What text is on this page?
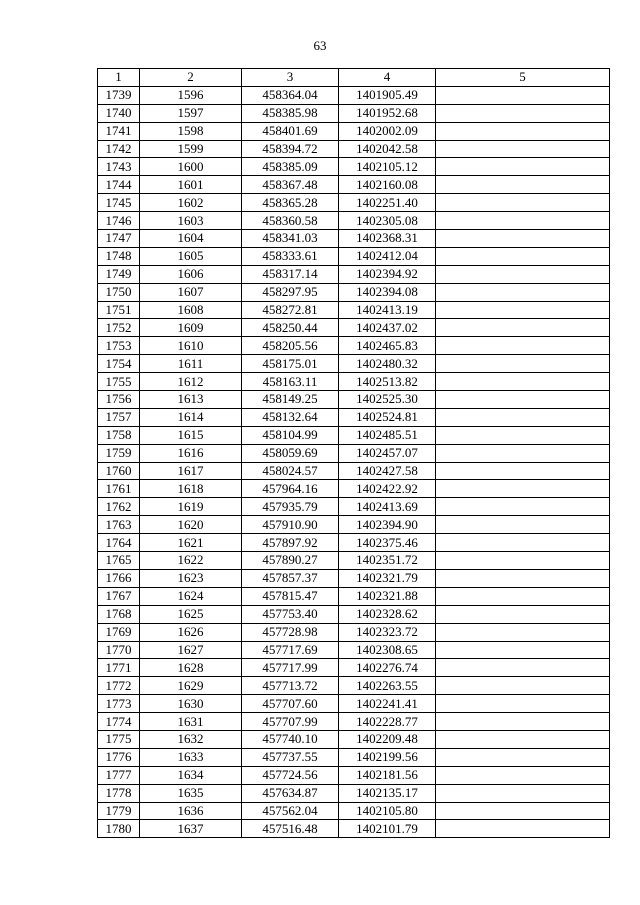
63
1	2	3	4	5
1739	1596	458364.04	1401905.49	
1740	1597	458385.98	1401952.68	
1741	1598	458401.69	1402002.09	
1742	1599	458394.72	1402042.58	
1743	1600	458385.09	1402105.12	
1744	1601	458367.48	1402160.08	
1745	1602	458365.28	1402251.40	
1746	1603	458360.58	1402305.08	
1747	1604	458341.03	1402368.31	
1748	1605	458333.61	1402412.04	
1749	1606	458317.14	1402394.92	
1750	1607	458297.95	1402394.08	
1751	1608	458272.81	1402413.19	
1752	1609	458250.44	1402437.02	
1753	1610	458205.56	1402465.83	
1754	1611	458175.01	1402480.32	
1755	1612	458163.11	1402513.82	
1756	1613	458149.25	1402525.30	
1757	1614	458132.64	1402524.81	
1758	1615	458104.99	1402485.51	
1759	1616	458059.69	1402457.07	
1760	1617	458024.57	1402427.58	
1761	1618	457964.16	1402422.92	
1762	1619	457935.79	1402413.69	
1763	1620	457910.90	1402394.90	
1764	1621	457897.92	1402375.46	
1765	1622	457890.27	1402351.72	
1766	1623	457857.37	1402321.79	
1767	1624	457815.47	1402321.88	
1768	1625	457753.40	1402328.62	
1769	1626	457728.98	1402323.72	
1770	1627	457717.69	1402308.65	
1771	1628	457717.99	1402276.74	
1772	1629	457713.72	1402263.55	
1773	1630	457707.60	1402241.41	
1774	1631	457707.99	1402228.77	
1775	1632	457740.10	1402209.48	
1776	1633	457737.55	1402199.56	
1777	1634	457724.56	1402181.56	
1778	1635	457634.87	1402135.17	
1779	1636	457562.04	1402105.80	
1780	1637	457516.48	1402101.79	
